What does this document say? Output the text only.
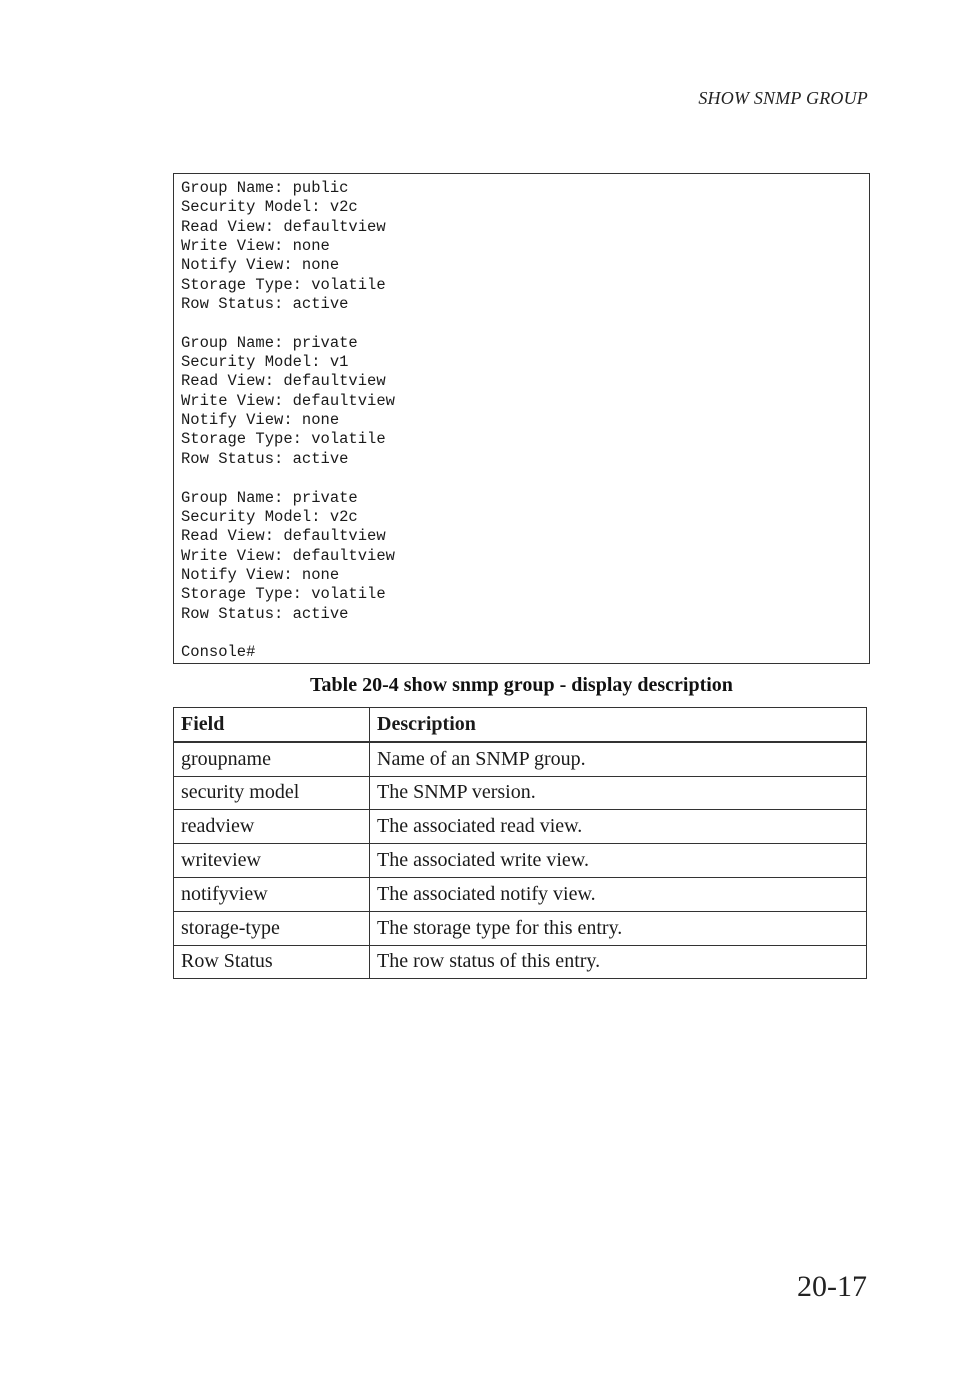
SHOW SNMP GROUP
Group Name: public
Security Model: v2c
Read View: defaultview
Write View: none
Notify View: none
Storage Type: volatile
Row Status: active
Group Name: private
Security Model: v1
Read View: defaultview
Write View: defaultview
Notify View: none
Storage Type: volatile
Row Status: active
Group Name: private
Security Model: v2c
Read View: defaultview
Write View: defaultview
Notify View: none
Storage Type: volatile
Row Status: active
Console#
Table 20-4 show snmp group - display description
Field	Description
groupname	Name of an SNMP group.
security model	The SNMP version.
readview	The associated read view.
writeview	The associated write view.
notifyview	The associated notify view.
storage-type	The storage type for this entry.
Row Status	The row status of this entry.
20-17
